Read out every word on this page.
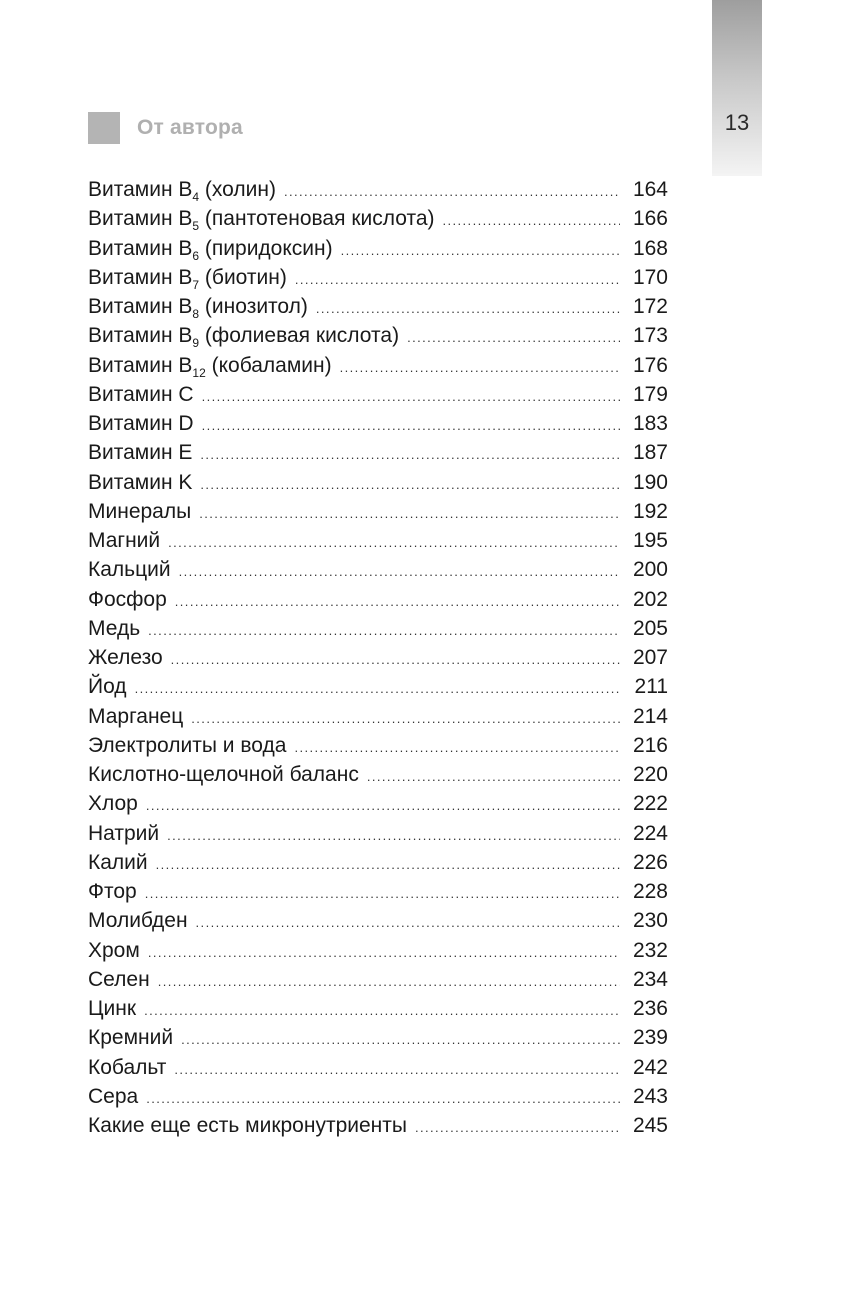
13
От автора
Витамин $B_4$ (холин) .....	164
Витамин $B_5$ (пантотеновая кислота) .....	166
Витамин $B_6$ (пиридоксин) .....	168
Витамин $B_7$ (биотин) .....	170
Витамин $B_8$ (инозитол) .....	172
Витамин $B_9$ (фолиевая кислота) .....	173
Витамин $B_{12}$ (кобаламин) .....	176
Витамин C .....	179
Витамин D .....	183
Витамин E .....	187
Витамин K .....	190
Минералы .....	192
Магний .....	195
Кальций .....	200
Фосфор .....	202
Медь .....	205
Железо .....	207
Йод .....	211
Марганец .....	214
Электролиты и вода .....	216
Кислотно-щелочной баланс .....	220
Хлор .....	222
Натрий .....	224
Калий .....	226
Фтор .....	228
Молибден .....	230
Хром .....	232
Селен .....	234
Цинк .....	236
Кремний .....	239
Кобальт .....	242
Сера .....	243
Какие еще есть микронутриенты .....	245
